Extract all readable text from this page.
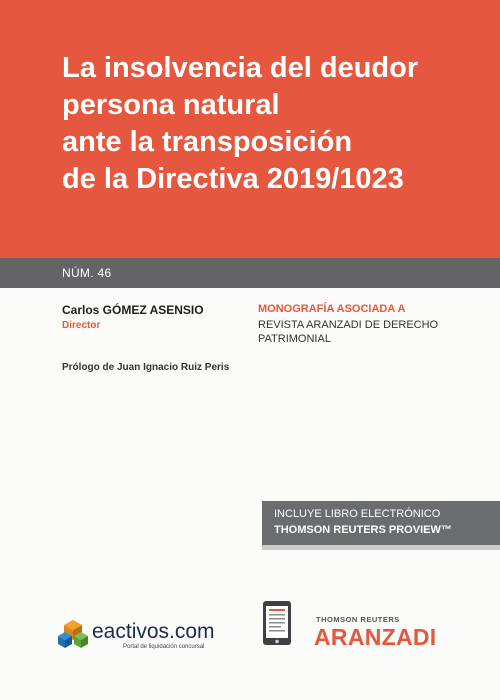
La insolvencia del deudor
persona natural
ante la transposición
de la Directiva 2019/1023
NÚM. 46
Carlos GÓMEZ ASENSIO
Director
MONOGRAFÍA ASOCIADA A
REVISTA ARANZADI DE DERECHO
PATRIMONIAL
Prólogo de Juan Ignacio Ruiz Peris
INCLUYE LIBRO ELECTRÓNICO
THOMSON REUTERS PROVIEW™
eactivos.com
Portal de liquidación concursal
THOMSON REUTERS
ARANZADI
